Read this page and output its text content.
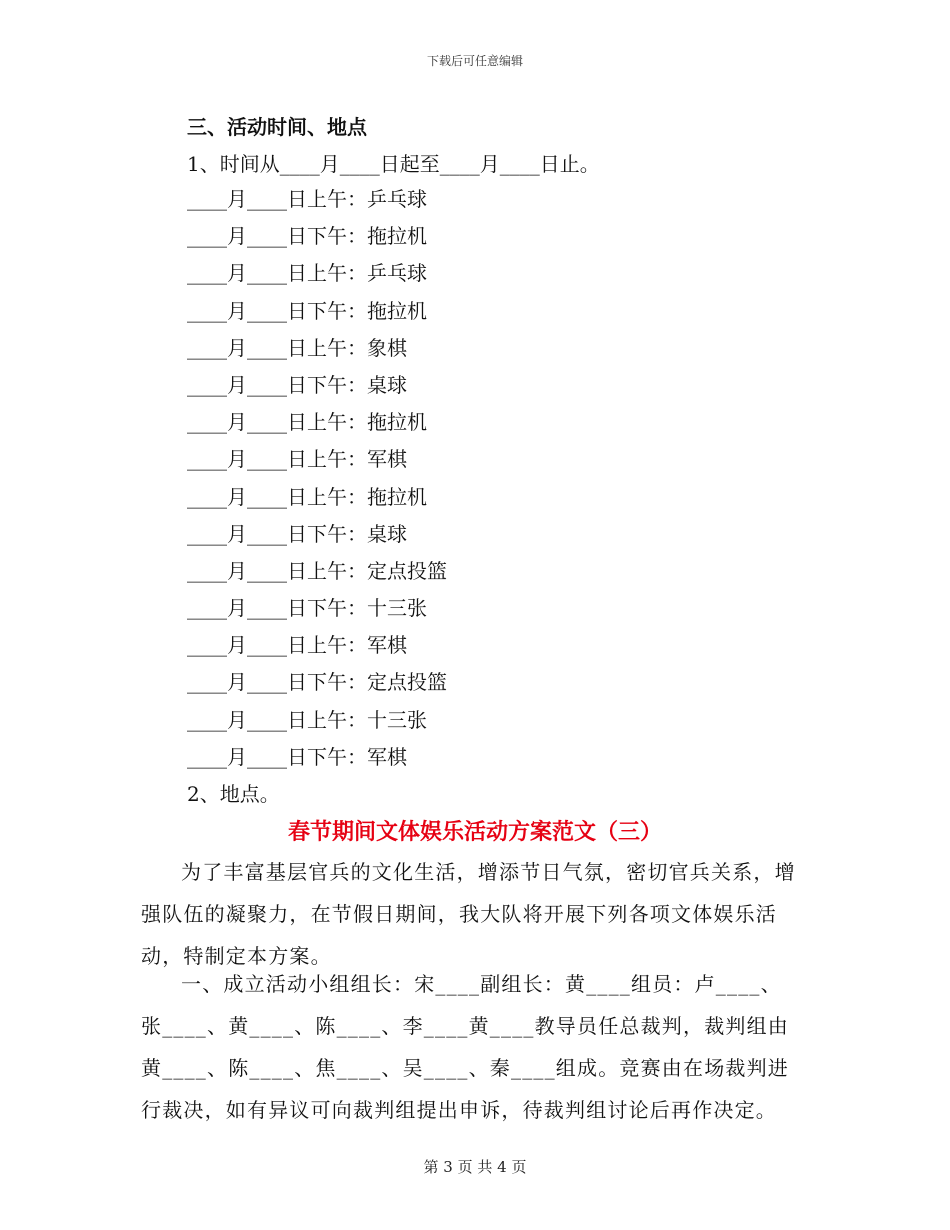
下载后可任意编辑
三、活动时间、地点
1、时间从____月____日起至____月____日止。
____月____日上午：乒乓球
____月____日下午：拖拉机
____月____日上午：乒乓球
____月____日下午：拖拉机
____月____日上午：象棋
____月____日下午：桌球
____月____日上午：拖拉机
____月____日上午：军棋
____月____日上午：拖拉机
____月____日下午：桌球
____月____日上午：定点投篮
____月____日下午：十三张
____月____日上午：军棋
____月____日下午：定点投篮
____月____日上午：十三张
____月____日下午：军棋
2、地点。
春节期间文体娱乐活动方案范文（三）

为了丰富基层官兵的文化生活，增添节日气氛，密切官兵关系，增强队伍的凝聚力，在节假日期间，我大队将开展下列各项文体娱乐活动，特制定本方案。

一、成立活动小组组长：宋____副组长：黄____组员：卢____、张____、黄____、陈____、李____黄____教导员任总裁判，裁判组由黄____、陈____、焦____、吴____、秦____组成。竞赛由在场裁判进行裁决，如有异议可向裁判组提出申诉，待裁判组讨论后再作决定。

第 3 页 共 4 页
